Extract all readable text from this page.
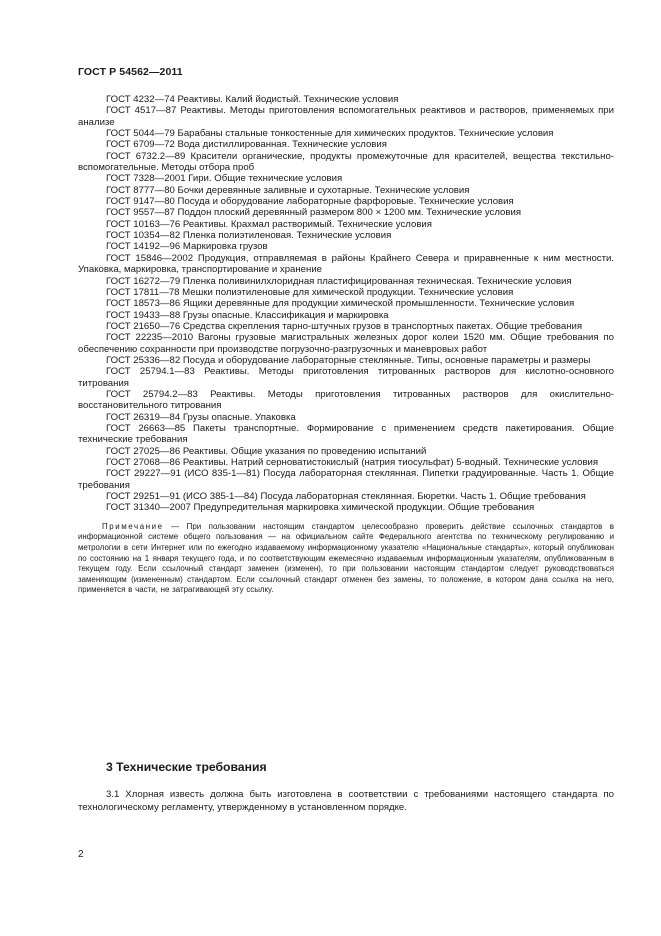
ГОСТ Р 54562—2011

ГОСТ 4232—74 Реактивы. Калий йодистый. Технические условия

ГОСТ 4517—87 Реактивы. Методы приготовления вспомогательных реактивов и растворов, применяемых при анализе

ГОСТ 5044—79 Барабаны стальные тонкостенные для химических продуктов. Технические условия

ГОСТ 6709—72 Вода дистиллированная. Технические условия

ГОСТ 6732.2—89 Красители органические, продукты промежуточные для красителей, вещества текстильно-вспомогательные. Методы отбора проб

ГОСТ 7328—2001 Гири. Общие технические условия

ГОСТ 8777—80 Бочки деревянные заливные и сухотарные. Технические условия

ГОСТ 9147—80 Посуда и оборудование лабораторные фарфоровые. Технические условия

ГОСТ 9557—87 Поддон плоский деревянный размером 800 × 1200 мм. Технические условия

ГОСТ 10163—76 Реактивы. Крахмал растворимый. Технические условия

ГОСТ 10354—82 Пленка полиэтиленовая. Технические условия

ГОСТ 14192—96 Маркировка грузов

ГОСТ 15846—2002 Продукция, отправляемая в районы Крайнего Севера и приравненные к ним местности. Упаковка, маркировка, транспортирование и хранение

ГОСТ 16272—79 Пленка поливинилхлоридная пластифицированная техническая. Технические условия

ГОСТ 17811—78 Мешки полиэтиленовые для химической продукции. Технические условия

ГОСТ 18573—86 Ящики деревянные для продукции химической промышленности. Технические условия

ГОСТ 19433—88 Грузы опасные. Классификация и маркировка

ГОСТ 21650—76 Средства скрепления тарно-штучных грузов в транспортных пакетах. Общие требования

ГОСТ 22235—2010 Вагоны грузовые магистральных железных дорог колеи 1520 мм. Общие требования по обеспечению сохранности при производстве погрузочно-разгрузочных и маневровых работ

ГОСТ 25336—82 Посуда и оборудование лабораторные стеклянные. Типы, основные параметры и размеры

ГОСТ 25794.1—83 Реактивы. Методы приготовления титрованных растворов для кислотно-основного титрования

ГОСТ 25794.2—83 Реактивы. Методы приготовления титрованных растворов для окислительно-восстановительного титрования

ГОСТ 26319—84 Грузы опасные. Упаковка

ГОСТ 26663—85 Пакеты транспортные. Формирование с применением средств пакетирования. Общие технические требования

ГОСТ 27025—86 Реактивы. Общие указания по проведению испытаний

ГОСТ 27068—86 Реактивы. Натрий серноватистокислый (натрия тиосульфат) 5-водный. Технические условия

ГОСТ 29227—91 (ИСО 835-1—81) Посуда лабораторная стеклянная. Пипетки градуированные. Часть 1. Общие требования

ГОСТ 29251—91 (ИСО 385-1—84) Посуда лабораторная стеклянная. Бюретки. Часть 1. Общие требования

ГОСТ 31340—2007 Предупредительная маркировка химической продукции. Общие требования

Примечание — При пользовании настоящим стандартом целесообразно проверить действие ссылочных стандартов в информационной системе общего пользования — на официальном сайте Федерального агентства по техническому регулированию и метрологии в сети Интернет или по ежегодно издаваемому информационному указателю «Национальные стандарты», который опубликован по состоянию на 1 января текущего года, и по соответствующим ежемесячно издаваемым информационным указателям, опубликованным в текущем году. Если ссылочный стандарт заменен (изменен), то при пользовании настоящим стандартом следует руководствоваться заменяющим (измененным) стандартом. Если ссылочный стандарт отменен без замены, то положение, в котором дана ссылка на него, применяется в части, не затрагивающей эту ссылку.

3 Технические требования

3.1 Хлорная известь должна быть изготовлена в соответствии с требованиями настоящего стандарта по технологическому регламенту, утвержденному в установленном порядке.

2
